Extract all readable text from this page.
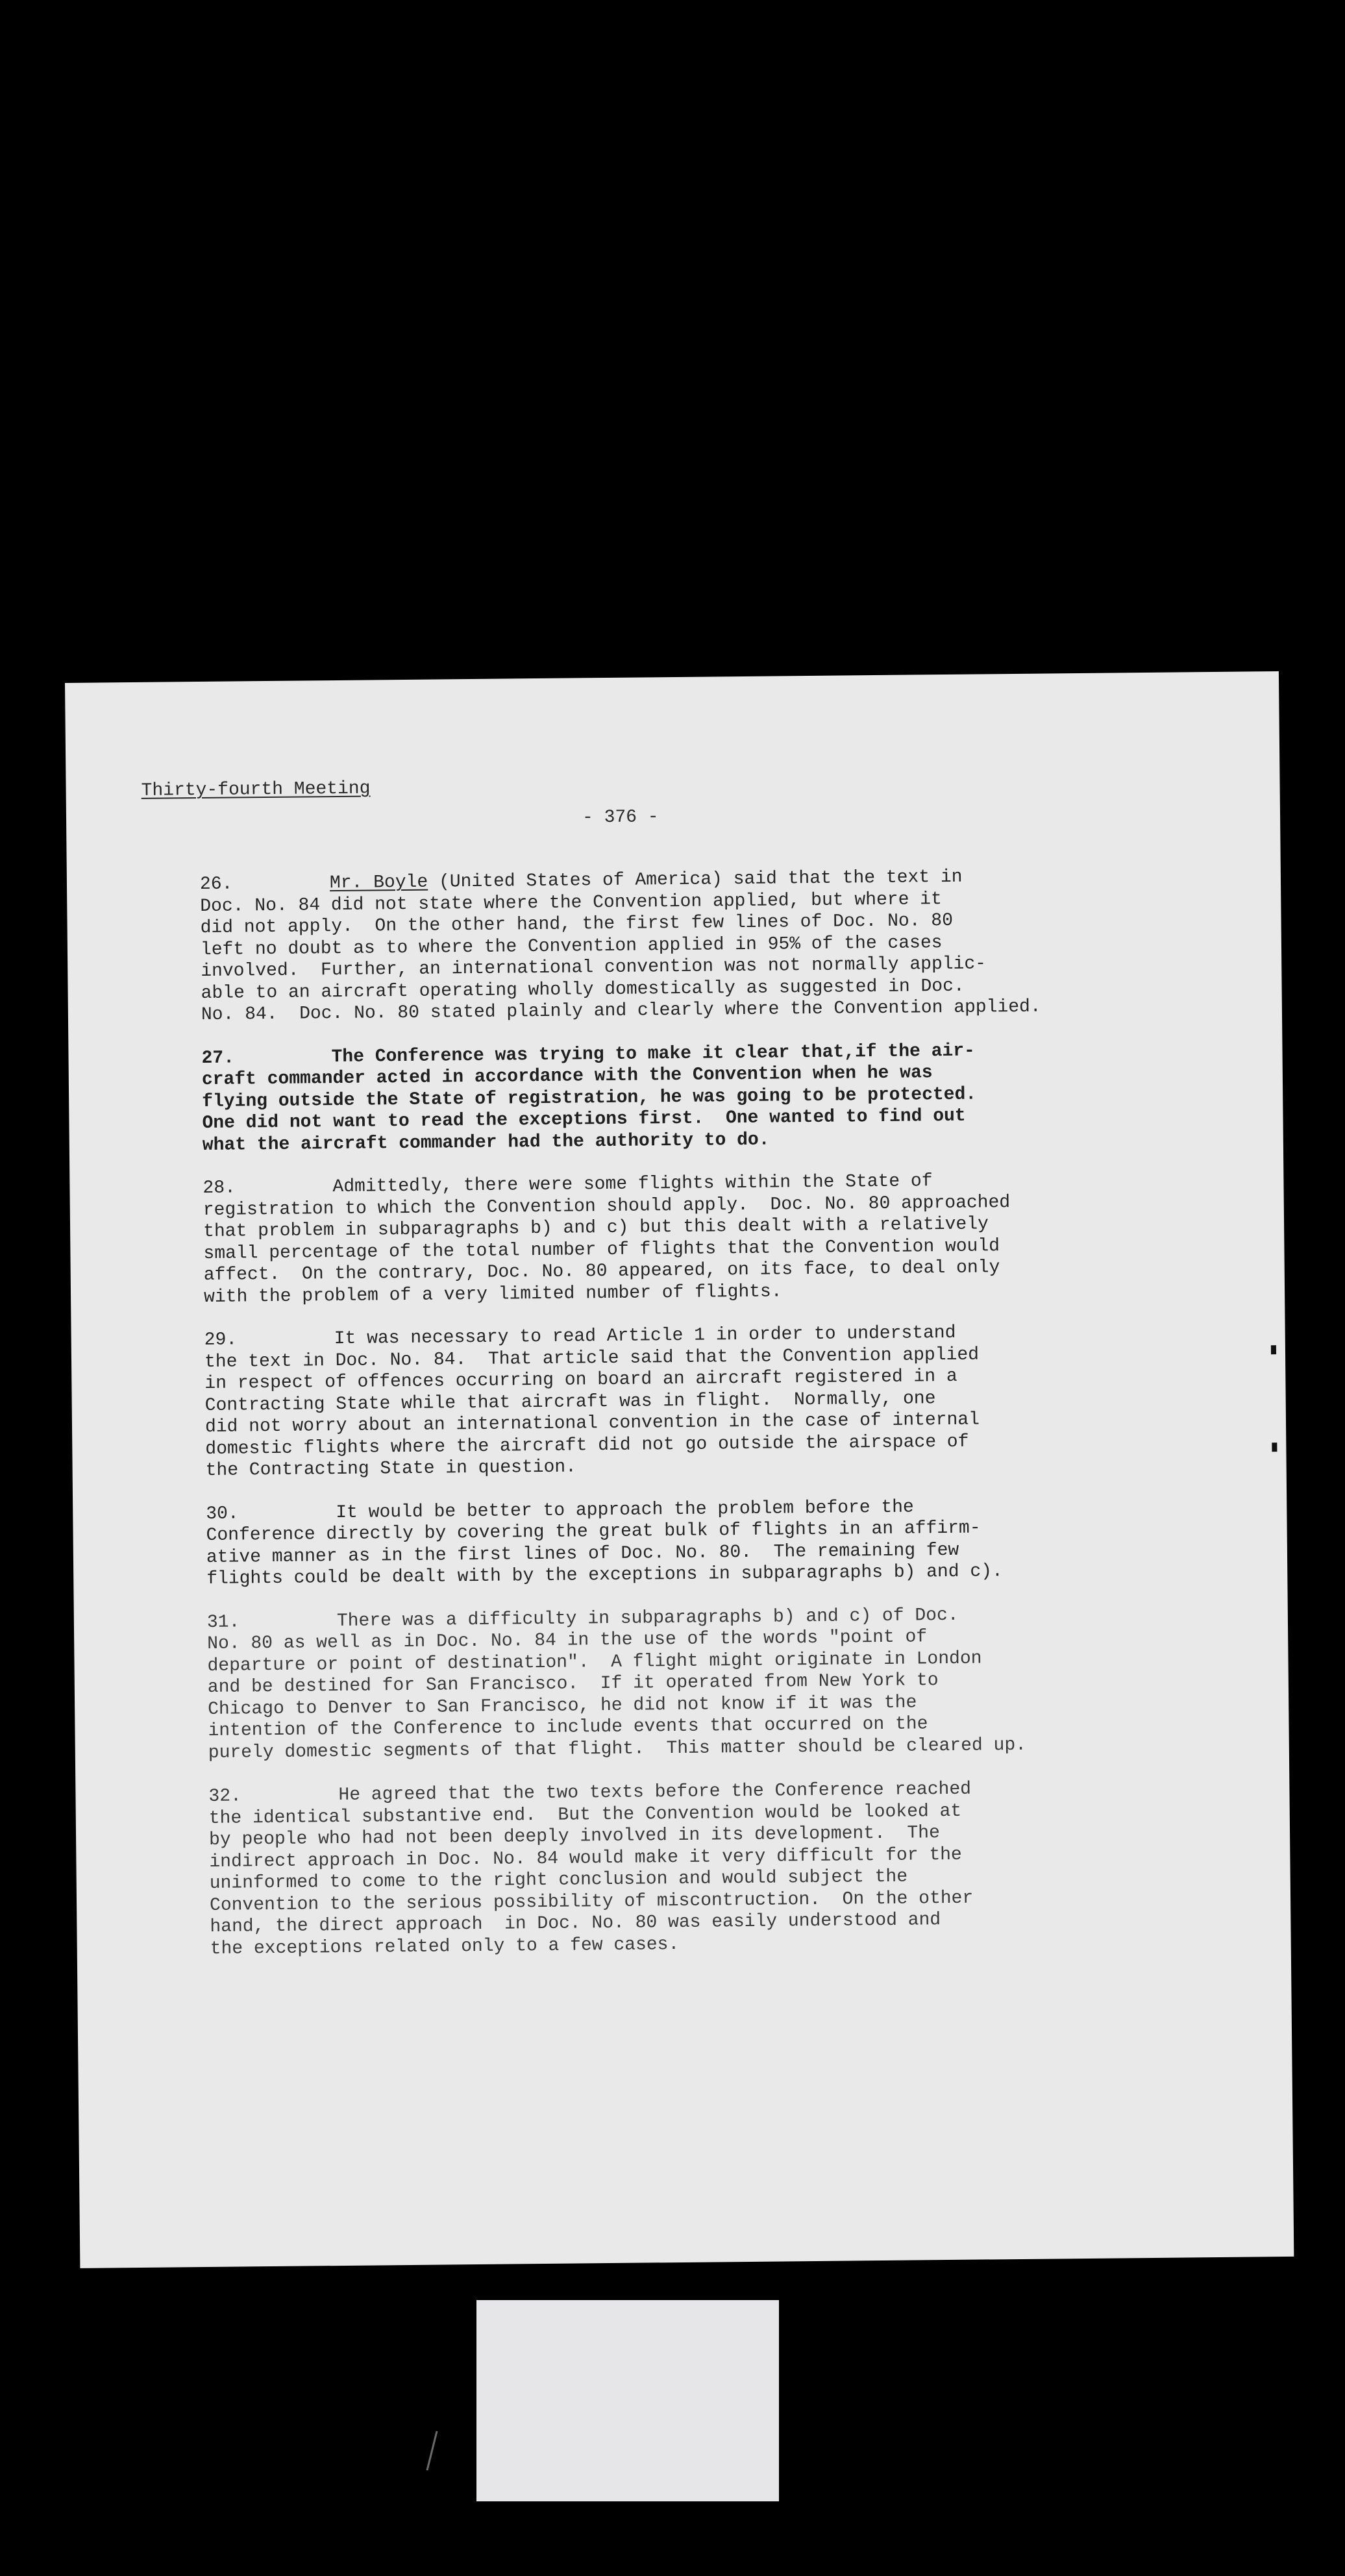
Thirty-fourth Meeting
- 376 -
26.	Mr. Boyle (United States of America) said that the text in
Doc. No. 84 did not state where the Convention applied, but where it
did not apply.  On the other hand, the first few lines of Doc. No. 80
left no doubt as to where the Convention applied in 95% of the cases
involved.  Further, an international convention was not normally applic-
able to an aircraft operating wholly domestically as suggested in Doc.
No. 84.  Doc. No. 80 stated plainly and clearly where the Convention applied.
27.	The Conference was trying to make it clear that,if the air-
craft commander acted in accordance with the Convention when he was
flying outside the State of registration, he was going to be protected.
One did not want to read the exceptions first.  One wanted to find out
what the aircraft commander had the authority to do.
28.	Admittedly, there were some flights within the State of
registration to which the Convention should apply.  Doc. No. 80 approached
that problem in subparagraphs b) and c) but this dealt with a relatively
small percentage of the total number of flights that the Convention would
affect.  On the contrary, Doc. No. 80 appeared, on its face, to deal only
with the problem of a very limited number of flights.
29.	It was necessary to read Article 1 in order to understand
the text in Doc. No. 84.  That article said that the Convention applied
in respect of offences occurring on board an aircraft registered in a
Contracting State while that aircraft was in flight.  Normally, one
did not worry about an international convention in the case of internal
domestic flights where the aircraft did not go outside the airspace of
the Contracting State in question.
30.	It would be better to approach the problem before the
Conference directly by covering the great bulk of flights in an affirm-
ative manner as in the first lines of Doc. No. 80.  The remaining few
flights could be dealt with by the exceptions in subparagraphs b) and c).
31.	There was a difficulty in subparagraphs b) and c) of Doc.
No. 80 as well as in Doc. No. 84 in the use of the words "point of
departure or point of destination".  A flight might originate in London
and be destined for San Francisco.  If it operated from New York to
Chicago to Denver to San Francisco, he did not know if it was the
intention of the Conference to include events that occurred on the
purely domestic segments of that flight.  This matter should be cleared up.
32.	He agreed that the two texts before the Conference reached
the identical substantive end.  But the Convention would be looked at
by people who had not been deeply involved in its development.  The
indirect approach in Doc. No. 84 would make it very difficult for the
uninformed to come to the right conclusion and would subject the
Convention to the serious possibility of miscontruction.  On the other
hand, the direct approach  in Doc. No. 80 was easily understood and
the exceptions related only to a few cases.
